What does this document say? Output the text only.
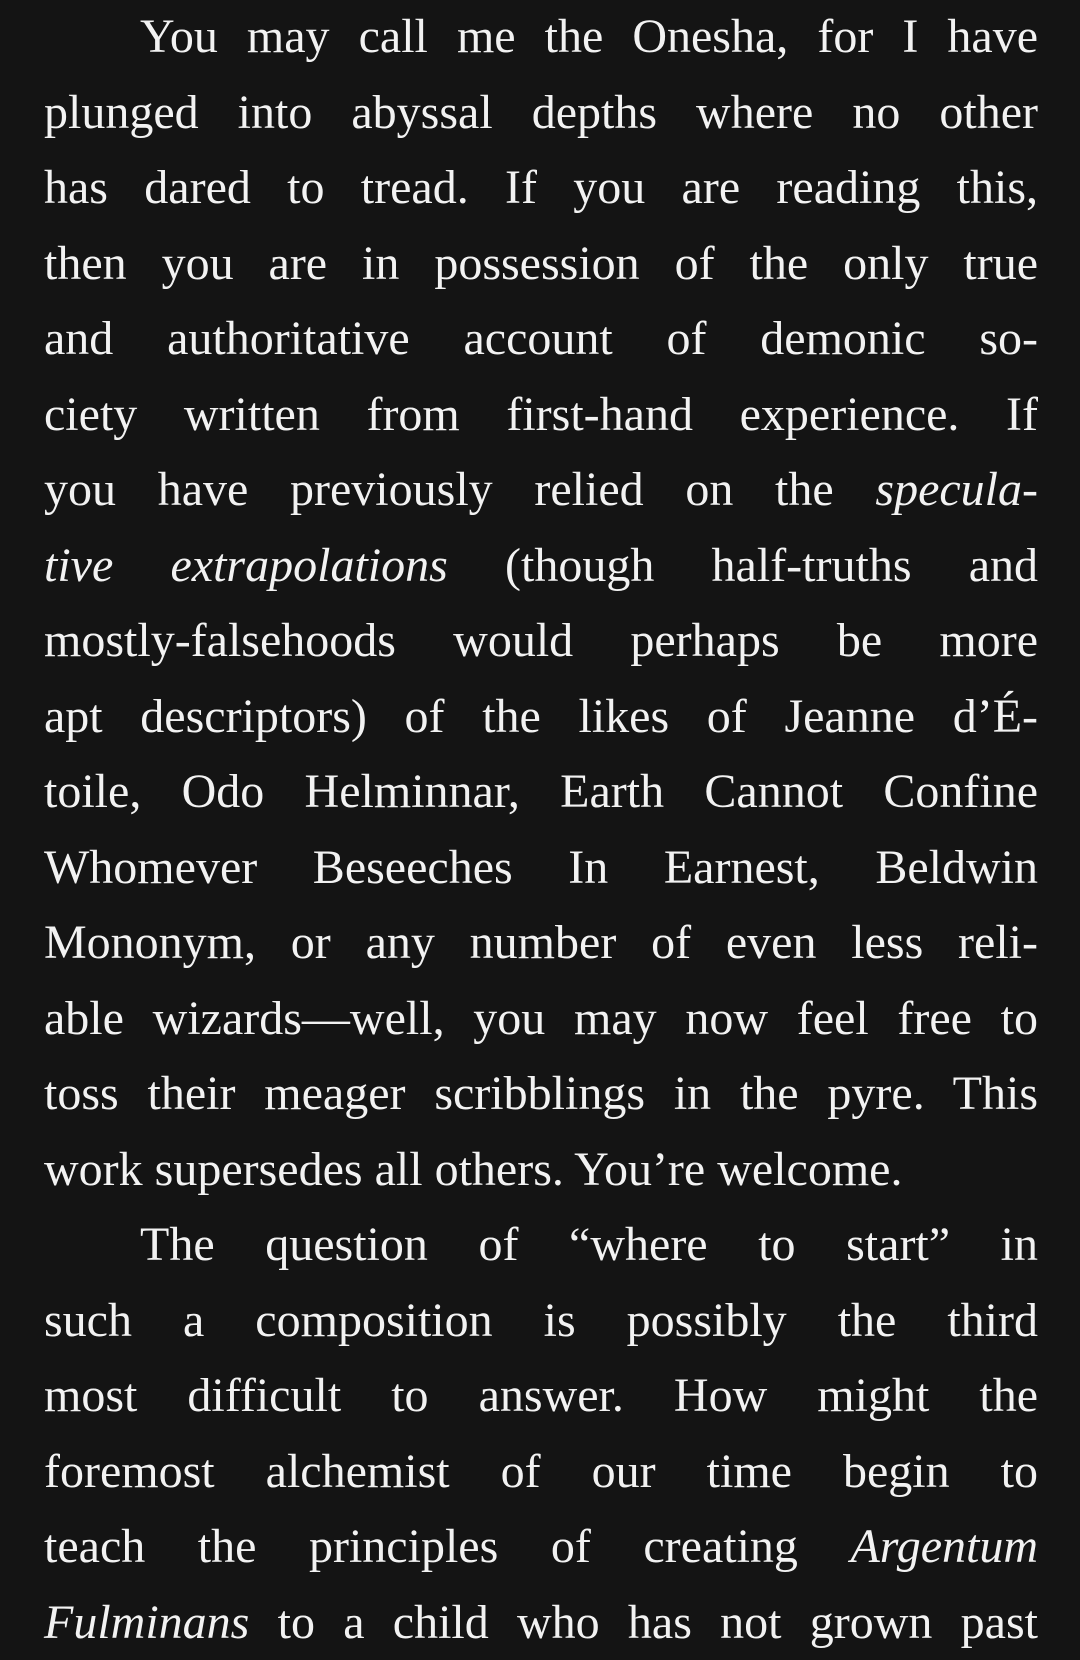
You may call me the Onesha, for I have
plunged into abyssal depths where no other
has dared to tread. If you are reading this,
then you are in possession of the only true
and authoritative account of demonic so-
ciety written from first-hand experience. If
you have previously relied on the specula-
tive extrapolations (though half-truths and
mostly-falsehoods would perhaps be more
apt descriptors) of the likes of Jeanne d’É-
toile, Odo Helminnar, Earth Cannot Confine
Whomever Beseeches In Earnest, Beldwin
Mononym, or any number of even less reli-
able wizards—well, you may now feel free to
toss their meager scribblings in the pyre. This
work supersedes all others. You’re welcome.
The question of “where to start” in
such a composition is possibly the third
most difficult to answer. How might the
foremost alchemist of our time begin to
teach the principles of creating Argentum
Fulminans to a child who has not grown past
